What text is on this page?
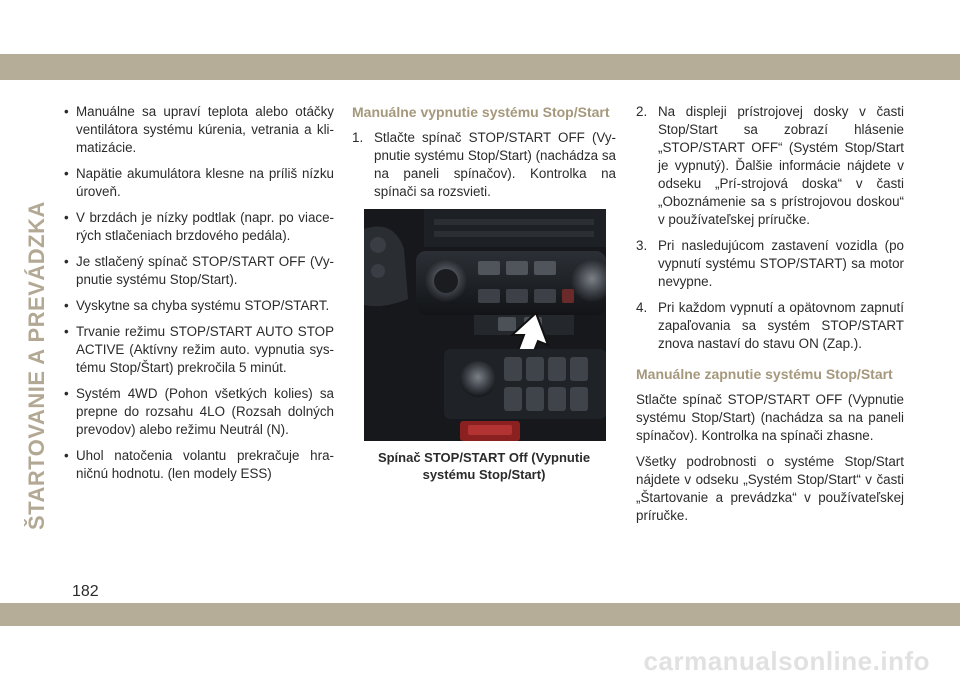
ŠTARTOVANIE A PREVÁDZKA
• Manuálne sa upraví teplota alebo otáčky ventilátora systému kúrenia, vetrania a kli-matizácie.
• Napätie akumulátora klesne na príliš nízku úroveň.
• V brzdách je nízky podtlak (napr. po viace-rých stlačeniach brzdového pedála).
• Je stlačený spínač STOP/START OFF (Vy-pnutie systému Stop/Start).
• Vyskytne sa chyba systému STOP/START.
• Trvanie režimu STOP/START AUTO STOP ACTIVE (Aktívny režim auto. vypnutia sys-tému Stop/Štart) prekročila 5 minút.
• Systém 4WD (Pohon všetkých kolies) sa prepne do rozsahu 4LO (Rozsah dolných prevodov) alebo režimu Neutrál (N).
• Uhol natočenia volantu prekračuje hra-ničnú hodnotu. (len modely ESS)
Manuálne vypnutie systému Stop/Start
1. Stlačte spínač STOP/START OFF (Vy-pnutie systému Stop/Start) (nachádza sa na paneli spínačov). Kontrolka na spínači sa rozsvieti.
Spínač STOP/START Off (Vypnutie systému Stop/Start)
2. Na displeji prístrojovej dosky v časti Stop/Start sa zobrazí hlásenie „STOP/START OFF“ (Systém Stop/Start je vypnutý). Ďalšie informácie nájdete v odseku „Prí-strojová doska“ v časti „Oboznámenie sa s prístrojovou doskou“ v používateľskej príručke.
3. Pri nasledujúcom zastavení vozidla (po vypnutí systému STOP/START) sa motor nevypne.
4. Pri každom vypnutí a opätovnom zapnutí zapaľovania sa systém STOP/START znova nastaví do stavu ON (Zap.).
Manuálne zapnutie systému Stop/Start

Stlačte spínač STOP/START OFF (Vypnutie systému Stop/Start) (nachádza sa na paneli spínačov). Kontrolka na spínači zhasne.

Všetky podrobnosti o systéme Stop/Start nájdete v odseku „Systém Stop/Start“ v časti „Štartovanie a prevádzka“ v používateľskej príručke.

182
carmanualsonline.info
